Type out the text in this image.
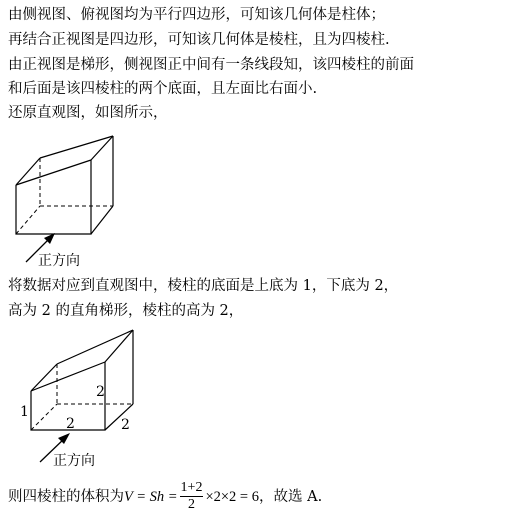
由侧视图、俯视图均为平行四边形，可知该几何体是柱体；
再结合正视图是四边形，可知该几何体是棱柱，且为四棱柱.
由正视图是梯形，侧视图正中间有一条线段知，该四棱柱的前面
和后面是该四棱柱的两个底面，且左面比右面小.
还原直观图，如图所示，
正方向
将数据对应到直观图中，棱柱的底面是上底为 1，下底为 2，
高为 2 的直角梯形，棱柱的高为 2，
1
2
2	2
正方向
则四棱柱的体积为 $V = Sh = \frac{1+2}{2} \times 2\times 2 = 6$ ，故选 A.
